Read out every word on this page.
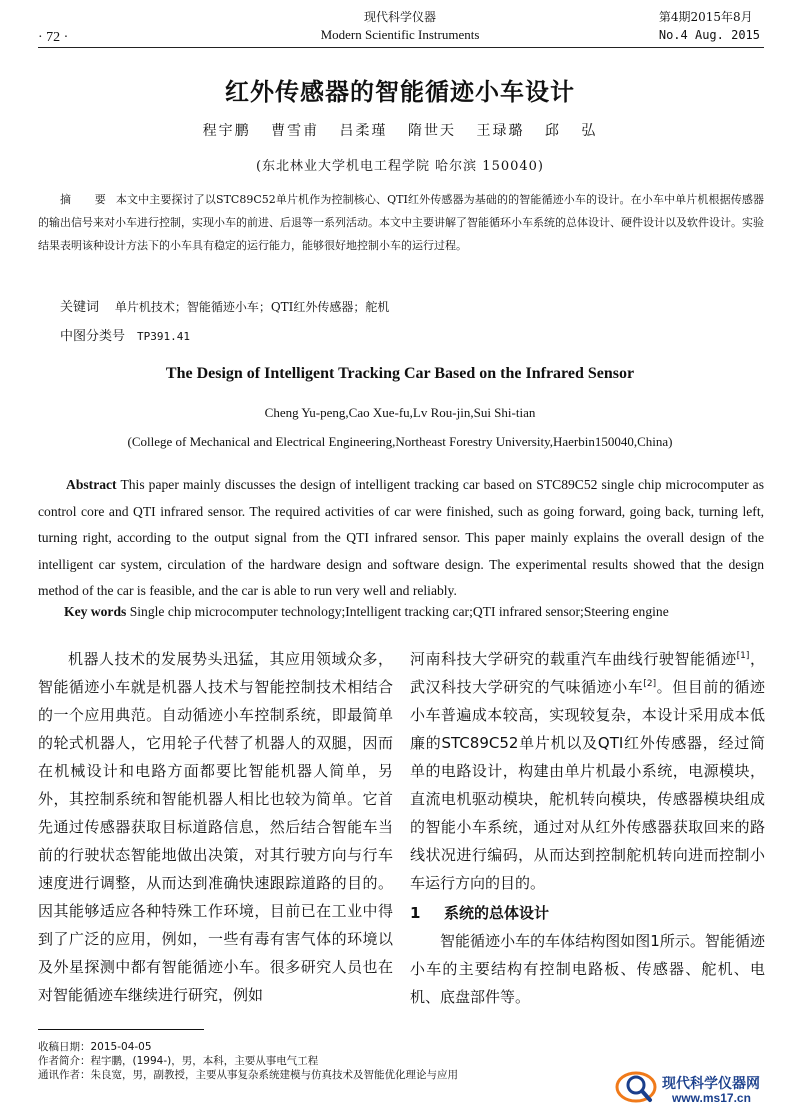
· 72 ·
现代科学仪器
Modern Scientific Instruments
第4期2015年8月
No.4 Aug. 2015
红外传感器的智能循迹小车设计
程宇鹏 曹雪甫 吕柔瑾 隋世天 王琭璐 邱 弘
(东北林业大学机电工程学院 哈尔滨 150040)
摘 要本文中主要探讨了以STC89C52单片机作为控制核心、QTI红外传感器为基础的的智能循迹小车的设计。在小车中单片机根据传感器的输出信号来对小车进行控制，实现小车的前进、后退等一系列活动。本文中主要讲解了智能循环小车系统的总体设计、硬件设计以及软件设计。实验结果表明该种设计方法下的小车具有稳定的运行能力，能够很好地控制小车的运行过程。
关键词 单片机技术；智能循迹小车；QTI红外传感器；舵机
中图分类号 TP391.41
The Design of Intelligent Tracking Car Based on the Infrared Sensor
Cheng Yu-peng,Cao Xue-fu,Lv Rou-jin,Sui Shi-tian
(College of Mechanical and Electrical Engineering,Northeast Forestry University,Haerbin150040,China)
Abstract This paper mainly discusses the design of intelligent tracking car based on STC89C52 single chip microcomputer as control core and QTI infrared sensor. The required activities of car were finished, such as going forward, going back, turning left, turning right, according to the output signal from the QTI infrared sensor. This paper mainly explains the overall design of the intelligent car system, circulation of the hardware design and software design. The experimental results showed that the design method of the car is feasible, and the car is able to run very well and reliably.
Key words Single chip microcomputer technology;Intelligent tracking car;QTI infrared sensor;Steering engine

机器人技术的发展势头迅猛，其应用领域众多，智能循迹小车就是机器人技术与智能控制技术相结合的一个应用典范。自动循迹小车控制系统，即最简单的轮式机器人，它用轮子代替了机器人的双腿，因而在机械设计和电路方面都要比智能机器人简单，另外，其控制系统和智能机器人相比也较为简单。它首先通过传感器获取目标道路信息，然后结合智能车当前的行驶状态智能地做出决策，对其行驶方向与行车速度进行调整，从而达到准确快速跟踪道路的目的。因其能够适应各种特殊工作环境，目前已在工业中得到了广泛的应用，例如，一些有毒有害气体的环境以及外星探测中都有智能循迹小车。很多研究人员也在对智能循迹车继续进行研究，例如

河南科技大学研究的载重汽车曲线行驶智能循迹[1]，武汉科技大学研究的气味循迹小车[2]。但目前的循迹小车普遍成本较高，实现较复杂，本设计采用成本低廉的STC89C52单片机以及QTI红外传感器，经过简单的电路设计，构建由单片机最小系统，电源模块，直流电机驱动模块，舵机转向模块，传感器模块组成的智能小车系统，通过对从红外传感器获取回来的路线状况进行编码，从而达到控制舵机转向进而控制小车运行方向的目的。

1 系统的总体设计

智能循迹小车的车体结构图如图1所示。智能循迹小车的主要结构有控制电路板、传感器、舵机、电机、底盘部件等。

收稿日期：2015-04-05
作者简介：程宇鹏，(1994-)，男，本科，主要从事电气工程
通讯作者：朱良宽，男，副教授，主要从事复杂系统建模与仿真技术及智能优化理论与应用
现代科学仪器网
www.ms17.cn
